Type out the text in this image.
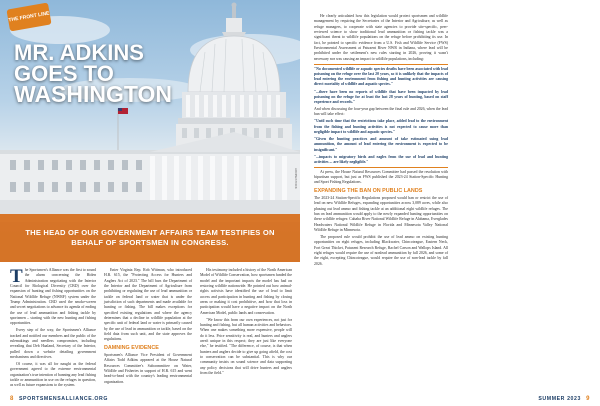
THE FRONT LINE
MR. ADKINS
GOES TO
WASHINGTON
THE HEAD OF OUR GOVERNMENT AFFAIRS TEAM TESTIFIES ON BEHALF OF SPORTSMEN IN CONGRESS.
ADOBESTOCK

The Sportsmen's Alliance was the first to sound the alarm concerning the Biden Administration negotiating with the Interior Council for Biological Diversity (CBD) over the expansion of hunting and fishing opportunities on the National Wildlife Refuge (NWRF) system under the Trump Administration. CBD used the smoke-screen and secret negotiations to advance its agenda of ending the use of lead ammunition and fishing tackle by sportsmen – starting with the new hunting and fishing opportunities.

Every step of the way, the Sportsmen's Alliance tracked and notified our members and the public of the rulemakings and needless compromises, including revealing that Deb Haaland, Secretary of the Interior, pulled down a website detailing government mechanisms and directives.

Of course, it was all for naught as the federal government agreed to the extreme environmental organization's true intention of banning any lead fishing tackle or ammunition in use on the refuges in question, as well as future expansions to the system.

Enter Virginia Rep. Rob Wittman, who introduced H.R. 615, the "Protecting Access for Hunters and Anglers Act of 2023." The bill bars the Department of the Interior and the Department of Agriculture from prohibiting or regulating the use of lead ammunition or tackle on federal land or water that is under the jurisdiction of such departments and made available for hunting or fishing. The bill makes exceptions for specified existing regulations and where the agency determines that a decline in wildlife population at the specific unit of federal land or water is primarily caused by the use of lead in ammunition or tackle, based on the field data from such unit, and the state approves the regulations.

DAMNING EVIDENCE

Sportsmen's Alliance Vice President of Government Affairs Todd Adkins appeared at the House Natural Resources Committee's Subcommittee on Water, Wildlife and Fisheries in support of H.R. 615 and went head-to-head with the country's leading environmental organization.

His testimony included a history of the North American Model of Wildlife Conservation, how sportsmen funded the model and the important impacts the model has had on restoring wildlife nationwide. He pointed out how animal-rights activists have identified the use of lead to limit access and participation in hunting and fishing by closing areas or making it cost prohibitive, and how that loss in participation would have a negative impact on the North American Model, public lands and conservation.

"We know this from our own experiences, not just for hunting and fishing, but all human activities and behaviors. When one makes something more expensive, people will do it less. Price sensitivity is real, and hunters and anglers aren't unique in this respect; they are just like everyone else," he testified. "The difference, of course, is that when hunters and anglers decide to give up going afield, the cost to conservation can be substantial. This is why our community insists on sound science and data supporting any policy decisions that will drive hunters and anglers from the field."

He clearly articulated how this legislation would protect sportsmen and wildlife management by requiring the Secretaries of the Interior and Agriculture, as well as refuge managers, to cooperate with state agencies to provide site-specific, peer-reviewed science to show traditional lead ammunition or fishing tackle was a significant threat to wildlife populations on the refuge before prohibiting its use. In fact, he pointed to specific evidence from a U.S. Fish and Wildlife Service (FWS) Environmental Assessment at Patuxent River NWR in Indiana, where lead will be prohibited under the settlement's new rules starting in 2026, proving it wasn't necessary nor was causing an impact to wildlife populations, including:

"No documented wildlife or aquatic species deaths have been associated with lead poisoning on the refuge over the last 20 years, so it is unlikely that the impacts of lead entering the environment from fishing and hunting activities are causing direct mortality of wildlife and aquatic species."

"...there have been no reports of wildlife that have been impacted by lead poisoning on the refuge for at least the last 28 years of hunting, based on staff experience and records."

And when discussing the four-year gap between the final rule and 2026, when the lead ban will take effect:

"Until such time that the restrictions take place, added lead to the environment from the fishing and hunting activities is not expected to cause more than negligible impact to wildlife and aquatic species."

"Given the hunting practices and amount of take estimated using lead ammunition, the amount of lead entering the environment is expected to be insignificant."

"...impacts to migratory birds and eagles from the use of lead and hunting activities ... are likely negligible."

At press, the House Natural Resources Committee had passed the resolution with bipartisan support, but just as FWS published the 2023-24 Station-Specific Hunting and Sport Fishing Regulations.

EXPANDING THE BAN ON PUBLIC LANDS

The 2023-24 Station-Specific Regulations proposed would ban or restrict the use of lead on new Wildlife Refuges, expanding opportunities across 3,089 acres, while also phasing out lead ammo and fishing tackle at an additional eight wildlife refuges. The ban on lead ammunition would apply to the newly expanded hunting opportunities on these wildlife refuges: Cahaba River National Wildlife Refuge in Alabama, Everglades Headwaters National Wildlife Refuge in Florida and Minnesota Valley National Wildlife Refuge in Minnesota.

The proposed rule would prohibit the use of lead ammo on existing hunting opportunities on eight refuges, including Blackwater, Chincoteague, Eastern Neck, Fort Great Thicket, Patuxent Research Refuge, Rachel Carson and Wallops Island. All eight refuges would require the use of nonlead ammunition by fall 2026, and some of the eight, excepting Chincoteague, would require the use of non-lead tackle by fall 2026.

8 SPORTSMENSALLIANCE.ORG	SUMMER 2023 9
